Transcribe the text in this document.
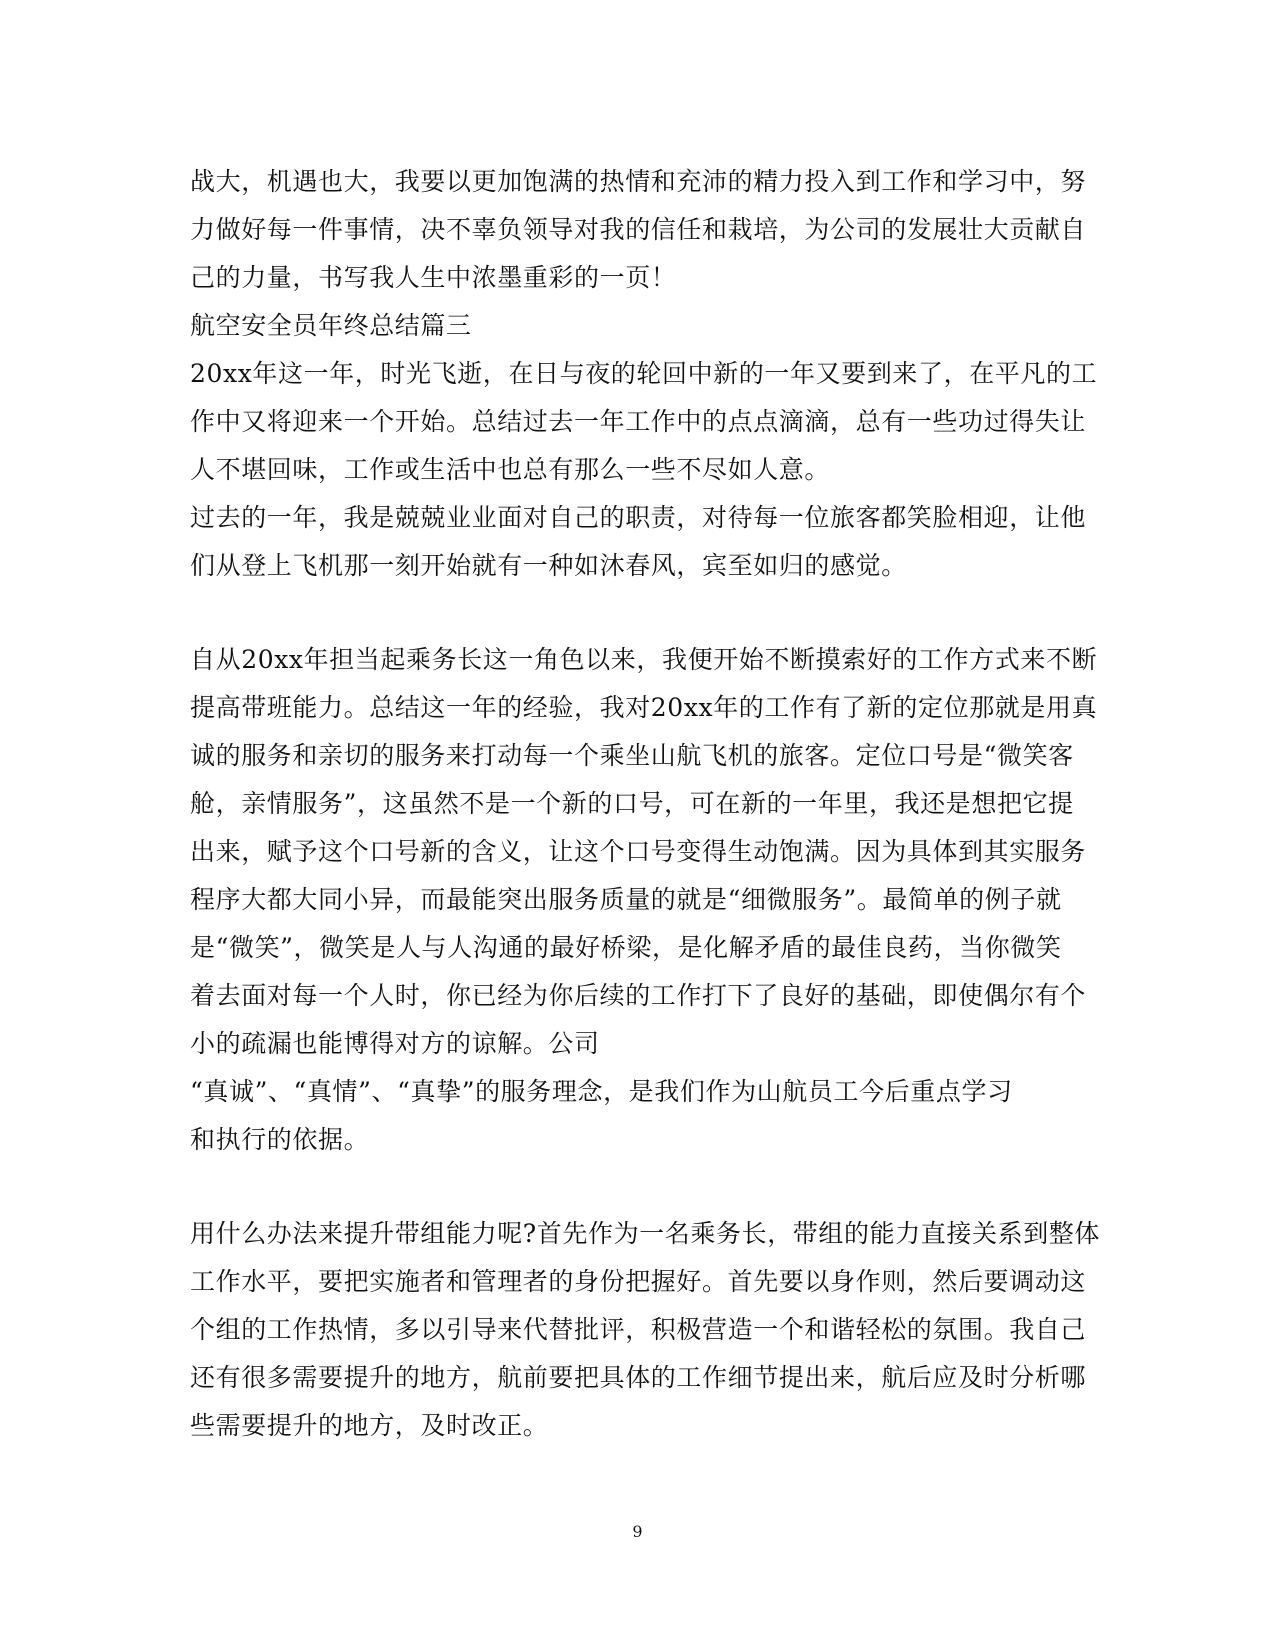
战大，机遇也大，我要以更加饱满的热情和充沛的精力投入到工作和学习中，努
力做好每一件事情，决不辜负领导对我的信任和栽培，为公司的发展壮大贡献自
己的力量，书写我人生中浓墨重彩的一页！
航空安全员年终总结篇三
20xx年这一年，时光飞逝，在日与夜的轮回中新的一年又要到来了，在平凡的工
作中又将迎来一个开始。总结过去一年工作中的点点滴滴，总有一些功过得失让
人不堪回味，工作或生活中也总有那么一些不尽如人意。
过去的一年，我是兢兢业业面对自己的职责，对待每一位旅客都笑脸相迎，让他
们从登上飞机那一刻开始就有一种如沐春风，宾至如归的感觉。
自从20xx年担当起乘务长这一角色以来，我便开始不断摸索好的工作方式来不断
提高带班能力。总结这一年的经验，我对20xx年的工作有了新的定位那就是用真
诚的服务和亲切的服务来打动每一个乘坐山航飞机的旅客。定位口号是“微笑客
舱，亲情服务”，这虽然不是一个新的口号，可在新的一年里，我还是想把它提
出来，赋予这个口号新的含义，让这个口号变得生动饱满。因为具体到其实服务
程序大都大同小异，而最能突出服务质量的就是“细微服务”。最简单的例子就
是“微笑”，微笑是人与人沟通的最好桥梁，是化解矛盾的最佳良药，当你微笑
着去面对每一个人时，你已经为你后续的工作打下了良好的基础，即使偶尔有个
小的疏漏也能博得对方的谅解。公司
“真诚”、“真情”、“真挚”的服务理念，是我们作为山航员工今后重点学习
和执行的依据。
用什么办法来提升带组能力呢?首先作为一名乘务长，带组的能力直接关系到整体
工作水平，要把实施者和管理者的身份把握好。首先要以身作则，然后要调动这
个组的工作热情，多以引导来代替批评，积极营造一个和谐轻松的氛围。我自己
还有很多需要提升的地方，航前要把具体的工作细节提出来，航后应及时分析哪
些需要提升的地方，及时改正。
9
